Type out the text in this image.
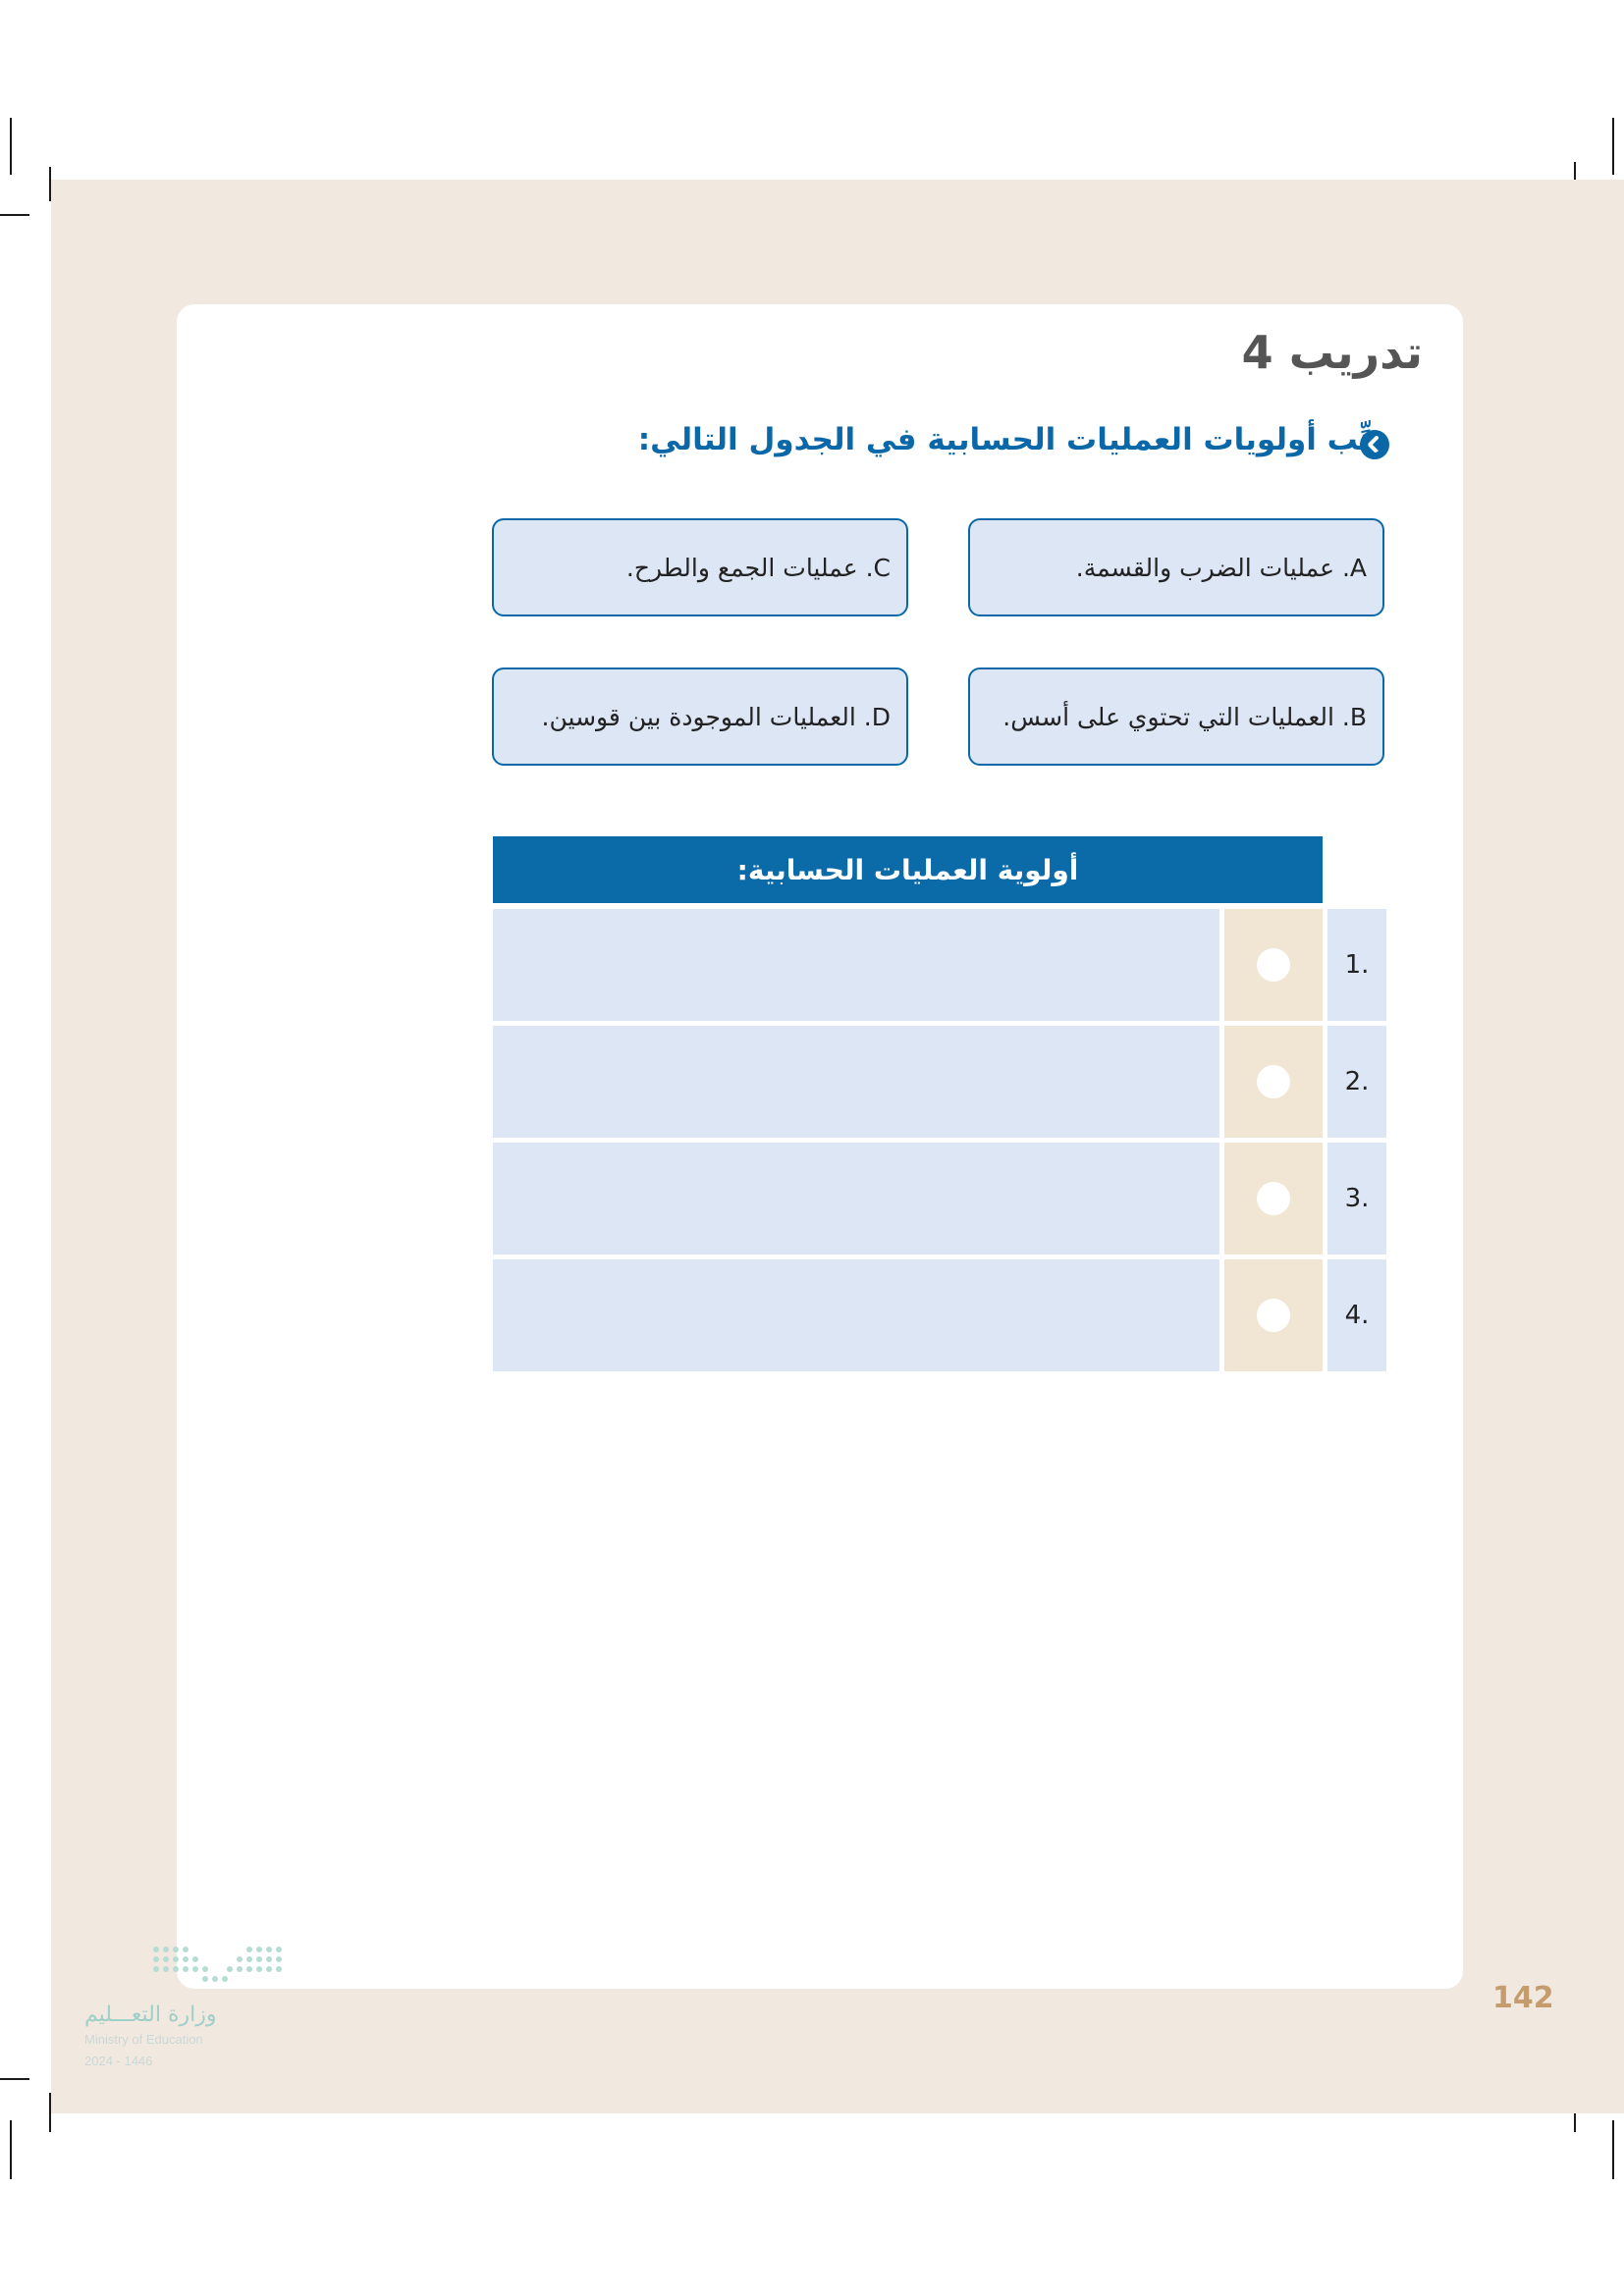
تدريب 4
رتِّب أولويات العمليات الحسابية في الجدول التالي:
A. عمليات الضرب والقسمة.
C. عمليات الجمع والطرح.
B. العمليات التي تحتوي على أسس.
D. العمليات الموجودة بين قوسين.
أولوية العمليات الحسابية:
.1
.2
.3
.4
142
وزارة التعـــليم
Ministry of Education
2024 - 1446
